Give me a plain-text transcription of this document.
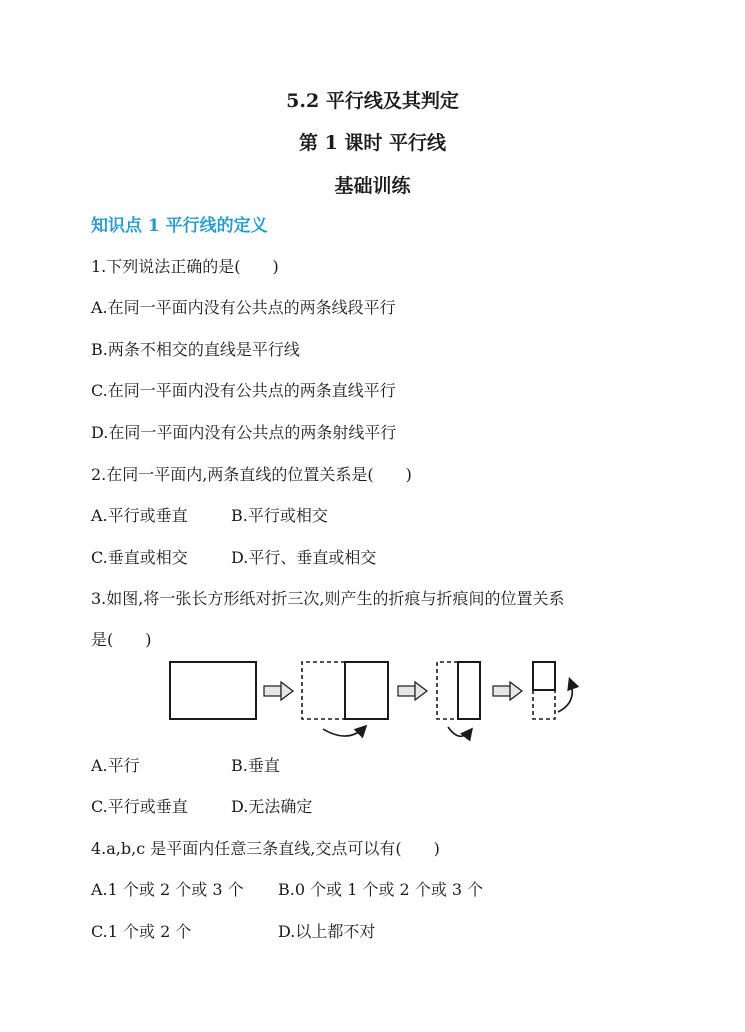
5.2 平行线及其判定
第 1 课时 平行线
基础训练
知识点 1 平行线的定义
1.下列说法正确的是(　　)
A.在同一平面内没有公共点的两条线段平行
B.两条不相交的直线是平行线
C.在同一平面内没有公共点的两条直线平行
D.在同一平面内没有公共点的两条射线平行
2.在同一平面内,两条直线的位置关系是(　　)
A.平行或垂直	B.平行或相交
C.垂直或相交	D.平行、垂直或相交
3.如图,将一张长方形纸对折三次,则产生的折痕与折痕间的位置关系
是(　　)
A.平行	B.垂直
C.平行或垂直	D.无法确定
4.a,b,c 是平面内任意三条直线,交点可以有(　　)
A.1 个或 2 个或 3 个 B.0 个或 1 个或 2 个或 3 个
C.1 个或 2 个	D.以上都不对
